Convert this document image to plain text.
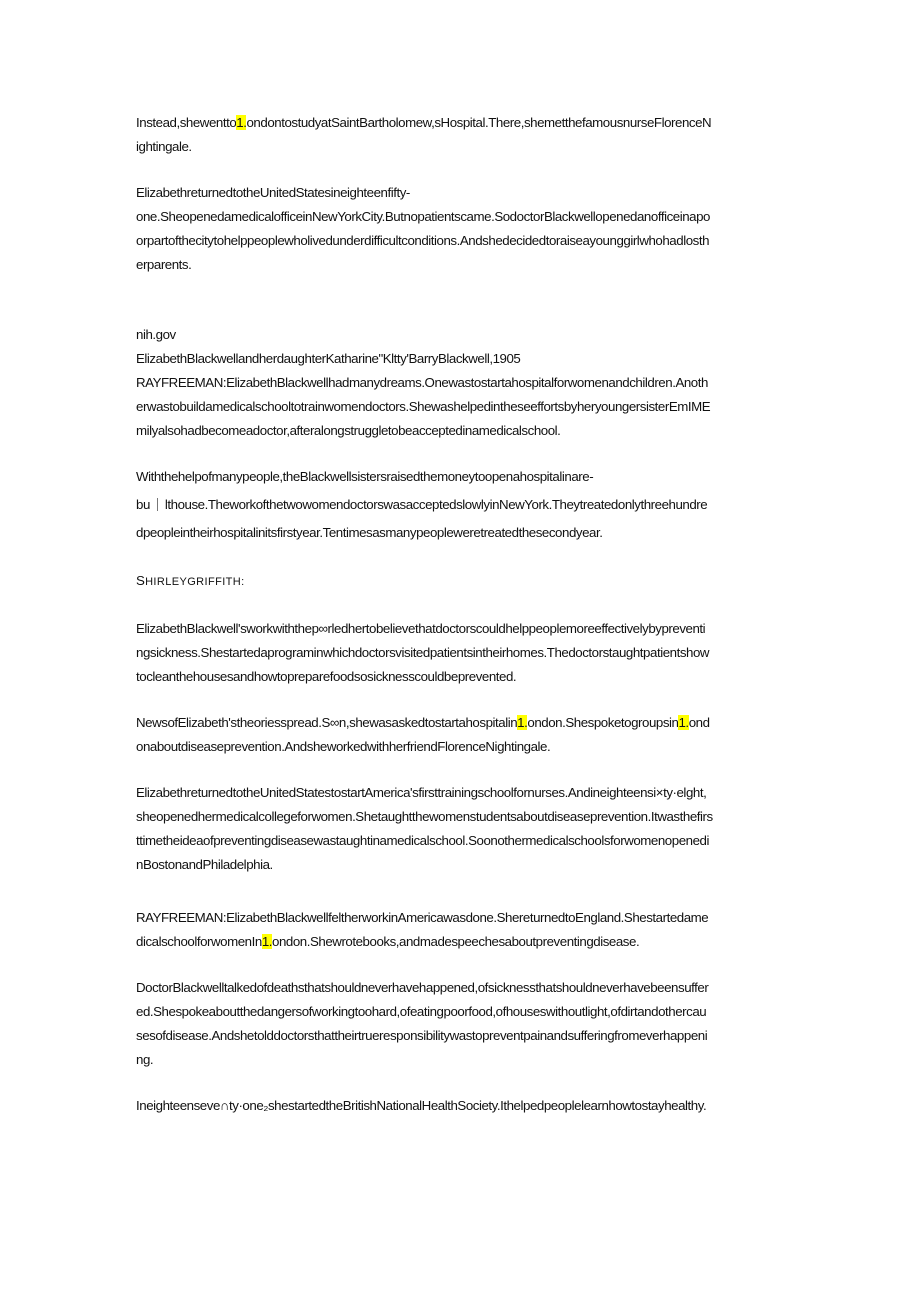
Instead,shewentto1.ondontostudyatSaintBartholomew,sHospital.There,shemetthefamousnurseFlorenceN
ightingale.
ElizabethreturnedtotheUnitedStatesineighteenfifty-
one.SheopenedamedicalofficeinNewYorkCity.Butnopatientscame.SodoctorBlackwellopenedanofficeinapo
orpartofthecitytohelppeoplewholivedunderdifficultconditions.Andshedecidedtoraiseayounggirlwhohadlosth
erparents.
nih.gov
ElizabethBlackwellandherdaughterKatharine"Kltty'BarryBlackwell,1905
RAYFREEMAN:ElizabethBlackwellhadmanydreams.Onewastostartahospitalforwomenandchildren.Anoth
erwastobuildamedicalschooltotrainwomendoctors.ShewashelpedintheseeffortsbyheryoungersisterEmIME
milyalsohadbecomeadoctor,afteralongstruggletobeacceptedinamedicalschool.
Withthehelpofmanypeople,theBlackwellsistersraisedthemoneytoopenahospitalinare-
bu lthouse.TheworkofthetwowomendoctorswasacceptedslowlyinNewYork.Theytreatedonlythreehundre
dpeopleintheirhospitalinitsfirstyear.Tentimesasmanypeopleweretreatedthesecondyear.
SHIRLEYGRIFFITH:
ElizabethBlackwell'sworkwiththep∞rledhertobelievethatdoctorscouldhelppeoplemoreeffectivelybypreventi
ngsickness.Shestartedaprograminwhichdoctorsvisitedpatientsintheirhomes.Thedoctorstaughtpatientshow
tocleanthehousesandhowtopreparefoodsosicknesscouldbeprevented.
NewsofElizabeth'stheoriesspread.S∞n,shewasaskedtostartahospitalin1.ondon.Shespoketogroupsin1.ond
onaboutdiseaseprevention.AndsheworkedwithherfriendFlorenceNightingale.
ElizabethreturnedtotheUnitedStatestostartAmerica'sfirsttrainingschoolfornurses.Andineighteensi×ty·elght,
sheopenedhermedicalcollegeforwomen.Shetaughtthewomenstudentsaboutdiseaseprevention.Itwasthefirs
ttimetheideaofpreventingdiseasewastaughtinamedicalschool.Soonothermedicalschoolsforwomenopenedi
nBostonandPhiladelphia.
RAYFREEMAN:ElizabethBlackwellfeltherworkinAmericawasdone.ShereturnedtoEngland.Shestartedame
dicalschoolforwomenIn1.ondon.Shewrotebooks,andmadespeechesaboutpreventingdisease.
DoctorBlackwelltalkedofdeathsthatshouldneverhavehappened,ofsicknessthatshouldneverhavebeensuffer
ed.Shespokeaboutthedangersofworkingtoohard,ofeatingpoorfood,ofhouseswithoutlight,ofdirtandothercau
sesofdisease.Andshetolddoctorsthattheirtrueresponsibilitywastopreventpainandsufferingfromeverhappeni
ng.
Ineighteenseve∩ty·one₂shestartedtheBritishNationalHealthSociety.Ithelpedpeoplelearnhowtostayhealthy.
